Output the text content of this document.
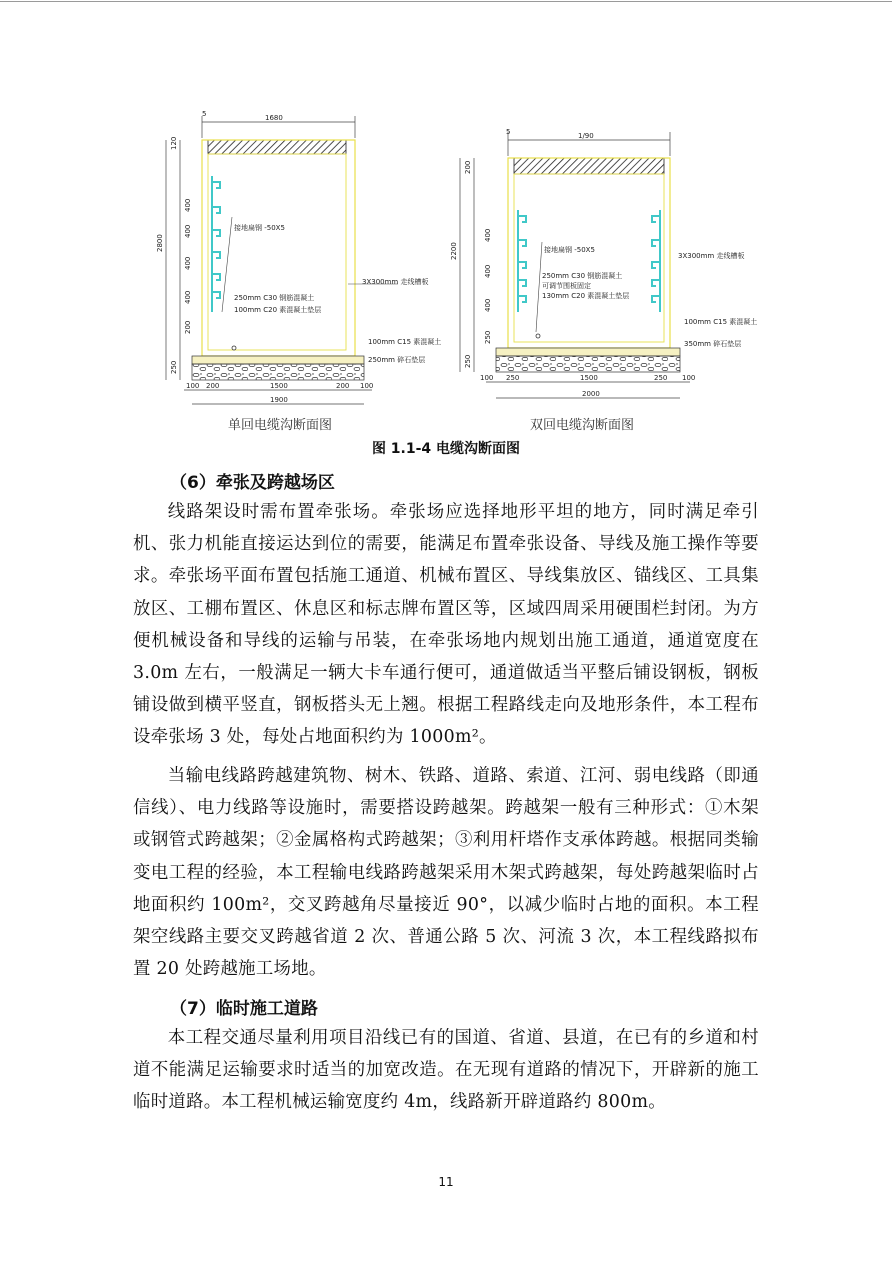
1680
5
接地扁钢 -50X5
250mm C30 钢筋混凝土
100mm C20 素混凝土垫层
3X300mm 走线槽板
100mm C15 素混凝土
250mm 碎石垫层
2800
120
400
400
400
400
200
250
100 200	1500	200 100
1900
1/90
5
接地扁钢 -50X5
250mm C30 钢筋混凝土
可调节围板固定
130mm C20 素混凝土垫层
3X300mm 走线槽板
100mm C15 素混凝土
350mm 碎石垫层
2200
200
400
400
400
250
250
100 250	1500	250 100
2000
单回电缆沟断面图	双回电缆沟断面图
图 1.1-4 电缆沟断面图
（6）牵张及跨越场区
线路架设时需布置牵张场。牵张场应选择地形平坦的地方，同时满足牵引机、张力机能直接运达到位的需要，能满足布置牵张设备、导线及施工操作等要求。牵张场平面布置包括施工通道、机械布置区、导线集放区、锚线区、工具集放区、工棚布置区、休息区和标志牌布置区等，区域四周采用硬围栏封闭。为方便机械设备和导线的运输与吊装，在牵张场地内规划出施工通道，通道宽度在 3.0m 左右，一般满足一辆大卡车通行便可，通道做适当平整后铺设钢板，钢板铺设做到横平竖直，钢板搭头无上翘。根据工程路线走向及地形条件，本工程布设牵张场 3 处，每处占地面积约为 1000m²。
当输电线路跨越建筑物、树木、铁路、道路、索道、江河、弱电线路（即通信线）、电力线路等设施时，需要搭设跨越架。跨越架一般有三种形式：①木架或钢管式跨越架；②金属格构式跨越架；③利用杆塔作支承体跨越。根据同类输变电工程的经验，本工程输电线路跨越架采用木架式跨越架，每处跨越架临时占地面积约 100m²，交叉跨越角尽量接近 90°，以减少临时占地的面积。本工程架空线路主要交叉跨越省道 2 次、普通公路 5 次、河流 3 次，本工程线路拟布置 20 处跨越施工场地。
（7）临时施工道路
本工程交通尽量利用项目沿线已有的国道、省道、县道，在已有的乡道和村道不能满足运输要求时适当的加宽改造。在无现有道路的情况下，开辟新的施工临时道路。本工程机械运输宽度约 4m，线路新开辟道路约 800m。
11
